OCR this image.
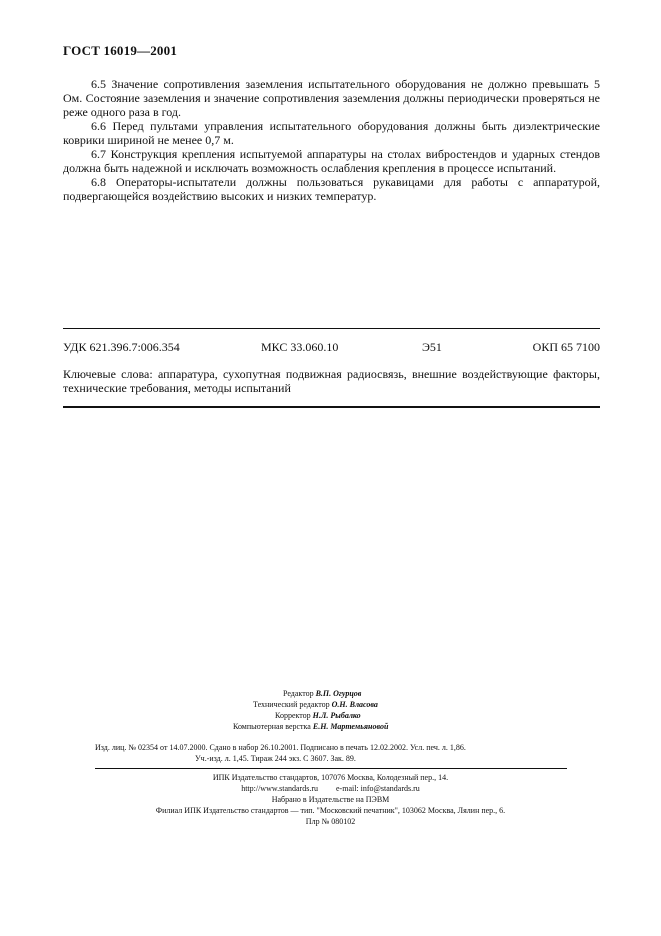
ГОСТ 16019—2001

6.5 Значение сопротивления заземления испытательного оборудования не должно превышать 5 Ом. Состояние заземления и значение сопротивления заземления должны периодически проверяться не реже одного раза в год.

6.6 Перед пультами управления испытательного оборудования должны быть диэлектрические коврики шириной не менее 0,7 м.

6.7 Конструкция крепления испытуемой аппаратуры на столах вибростендов и ударных стендов должна быть надежной и исключать возможность ослабления крепления в процессе испытаний.

6.8 Операторы-испытатели должны пользоваться рукавицами для работы с аппаратурой, подвергающейся воздействию высоких и низких температур.

УДК 621.396.7:006.354	МКС 33.060.10	Э51	ОКП 65 7100
Ключевые слова: аппаратура, сухопутная подвижная радиосвязь, внешние воздействующие факторы, технические требования, методы испытаний
Редактор В.П. Огурцов
Технический редактор О.Н. Власова
Корректор Н.Л. Рыбалко
Компьютерная верстка Е.Н. Мартемьяновой
Изд. лиц. № 02354 от 14.07.2000. Сдано в набор 26.10.2001. Подписано в печать 12.02.2002. Усл. печ. л. 1,86.
Уч.-изд. л. 1,45. Тираж 244 экз. С 3607. Зак. 89.
ИПК Издательство стандартов, 107076 Москва, Колодезный пер., 14.
http://www.standards.ru e-mail: info@standards.ru
Набрано в Издательстве на ПЭВМ
Филиал ИПК Издательство стандартов — тип. "Московский печатник", 103062 Москва, Лялин пер., 6.
Плр № 080102
